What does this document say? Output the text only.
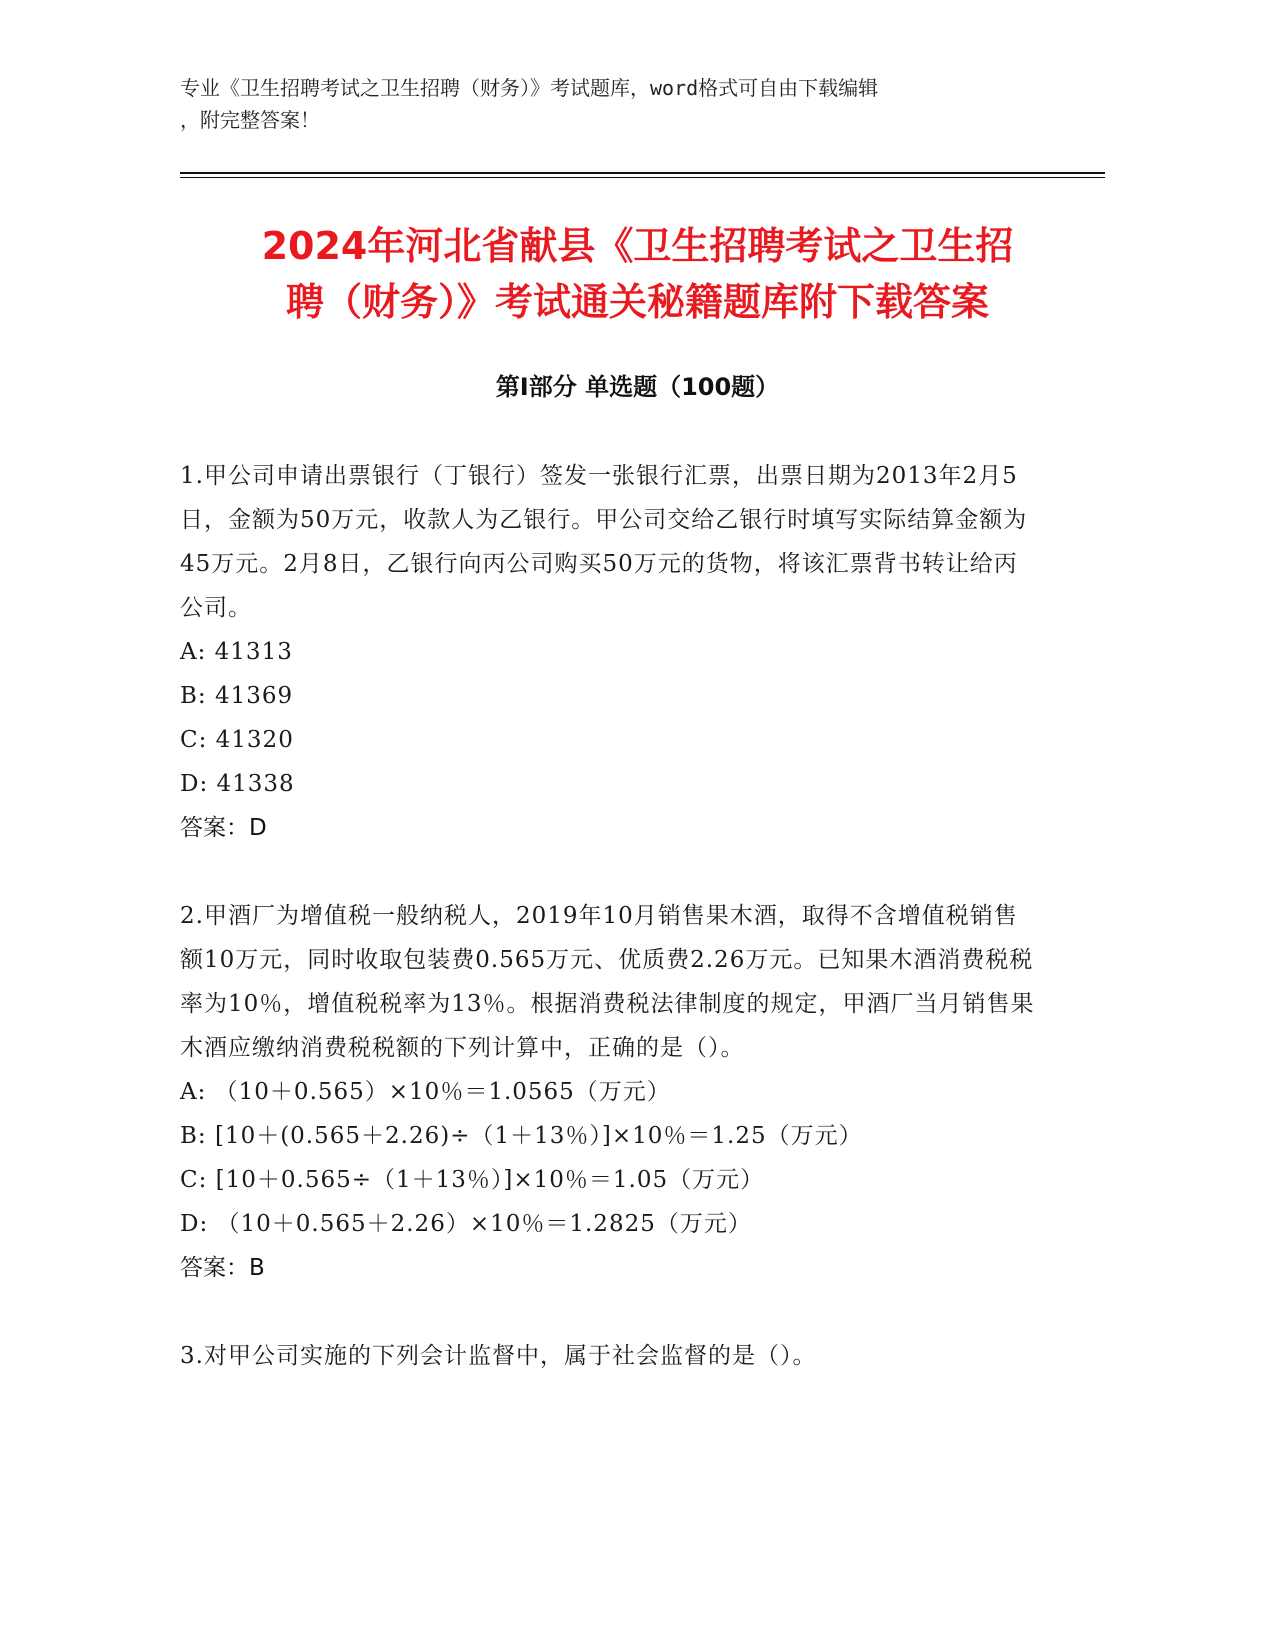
专业《卫生招聘考试之卫生招聘（财务）》考试题库，word格式可自由下载编辑
，附完整答案！
2024年河北省献县《卫生招聘考试之卫生招
聘（财务）》考试通关秘籍题库附下载答案
第I部分 单选题（100题）

1.甲公司申请出票银行（丁银行）签发一张银行汇票，出票日期为2013年2月5日，金额为50万元，收款人为乙银行。甲公司交给乙银行时填写实际结算金额为45万元。2月8日，乙银行向丙公司购买50万元的货物，将该汇票背书转让给丙公司。

A: 41313

B: 41369

C: 41320

D: 41338

答案：D

2.甲酒厂为增值税一般纳税人，2019年10月销售果木酒，取得不含增值税销售额10万元，同时收取包装费0.565万元、优质费2.26万元。已知果木酒消费税税率为10％，增值税税率为13％。根据消费税法律制度的规定，甲酒厂当月销售果木酒应缴纳消费税税额的下列计算中，正确的是（）。

A: （10＋0.565）×10％＝1.0565（万元）

B: [10＋(0.565＋2.26)÷（1＋13％）]×10％＝1.25（万元）

C: [10＋0.565÷（1＋13％）]×10％＝1.05（万元）

D: （10＋0.565＋2.26）×10％＝1.2825（万元）

答案：B

3.对甲公司实施的下列会计监督中，属于社会监督的是（）。
